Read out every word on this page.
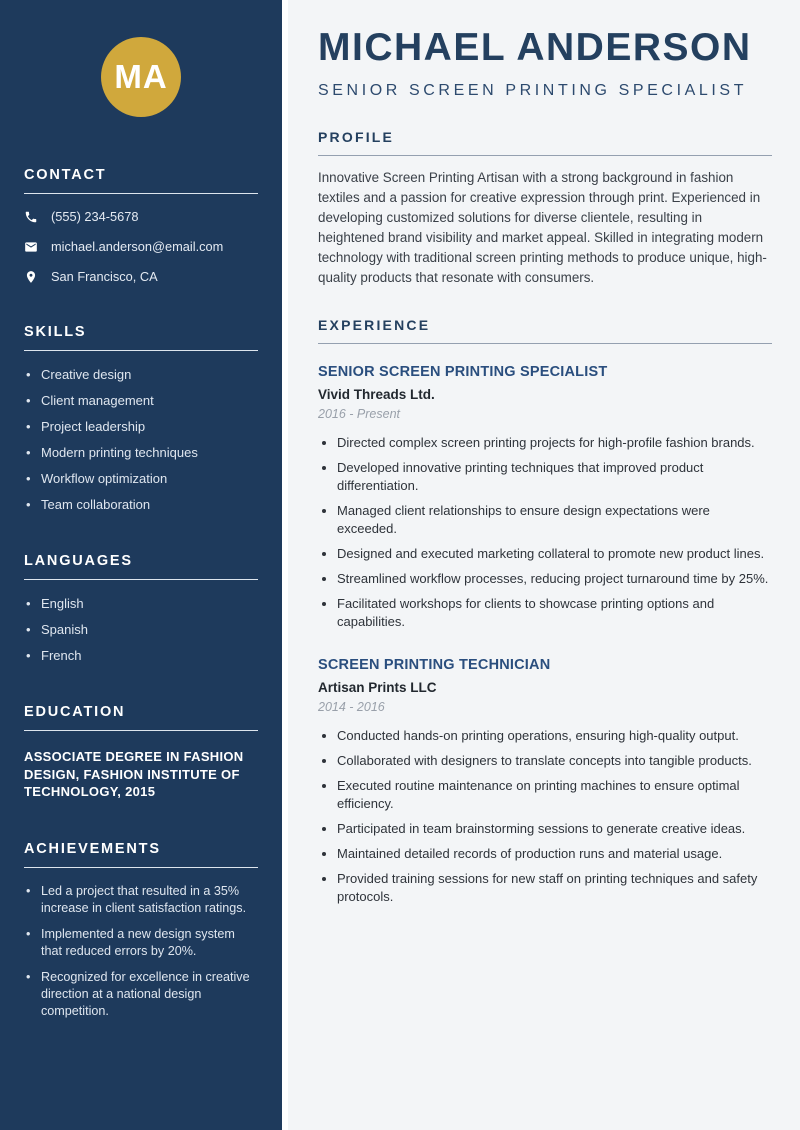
MA
CONTACT
(555) 234-5678
michael.anderson@email.com
San Francisco, CA
SKILLS
• Creative design
• Client management
• Project leadership
• Modern printing techniques
• Workflow optimization
• Team collaboration
LANGUAGES
• English
• Spanish
• French
EDUCATION
ASSOCIATE DEGREE IN FASHION DESIGN, FASHION INSTITUTE OF TECHNOLOGY, 2015
ACHIEVEMENTS
• Led a project that resulted in a 35% increase in client satisfaction ratings.
• Implemented a new design system that reduced errors by 20%.
• Recognized for excellence in creative direction at a national design competition.
MICHAEL ANDERSON
SENIOR SCREEN PRINTING SPECIALIST
PROFILE

Innovative Screen Printing Artisan with a strong background in fashion textiles and a passion for creative expression through print. Experienced in developing customized solutions for diverse clientele, resulting in heightened brand visibility and market appeal. Skilled in integrating modern technology with traditional screen printing methods to produce unique, high-quality products that resonate with consumers.

EXPERIENCE
SENIOR SCREEN PRINTING SPECIALIST
Vivid Threads Ltd.
2016 - Present
• Directed complex screen printing projects for high-profile fashion brands.
• Developed innovative printing techniques that improved product differentiation.
• Managed client relationships to ensure design expectations were exceeded.
• Designed and executed marketing collateral to promote new product lines.
• Streamlined workflow processes, reducing project turnaround time by 25%.
• Facilitated workshops for clients to showcase printing options and capabilities.
SCREEN PRINTING TECHNICIAN
Artisan Prints LLC
2014 - 2016
• Conducted hands-on printing operations, ensuring high-quality output.
• Collaborated with designers to translate concepts into tangible products.
• Executed routine maintenance on printing machines to ensure optimal efficiency.
• Participated in team brainstorming sessions to generate creative ideas.
• Maintained detailed records of production runs and material usage.
• Provided training sessions for new staff on printing techniques and safety protocols.
